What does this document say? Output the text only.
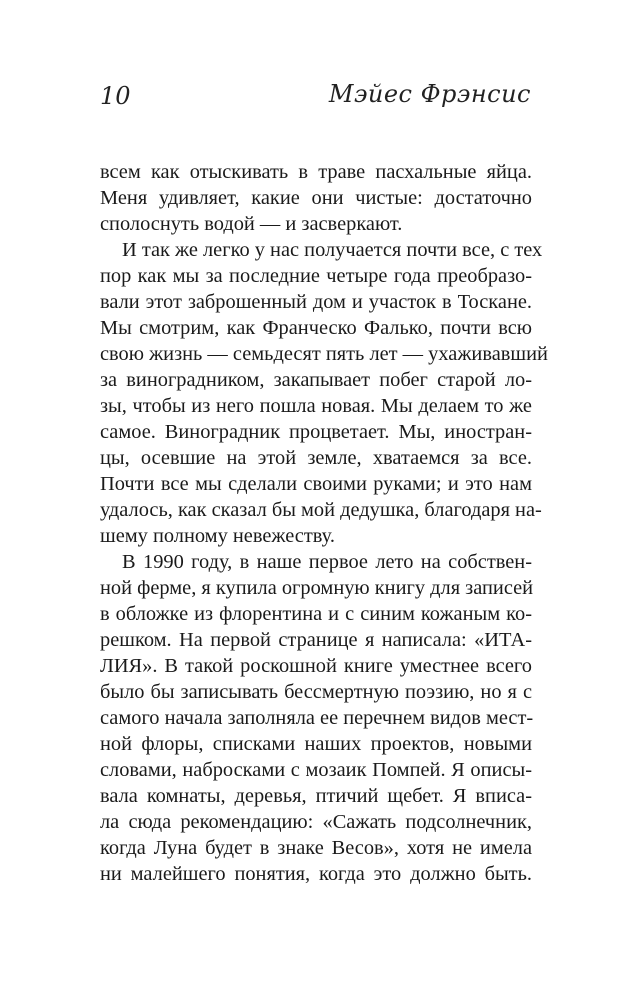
10	Мэйес Фрэнсис

всем как отыскивать в траве пасхальные яйца.
Меня удивляет, какие они чистые: достаточно
сполоснуть водой — и засверкают.

И так же легко у нас получается почти все, с тех
пор как мы за последние четыре года преобразо-
вали этот заброшенный дом и участок в Тоскане.
Мы смотрим, как Франческо Фалько, почти всю
свою жизнь — семьдесят пять лет — ухаживавший
за виноградником, закапывает побег старой ло-
зы, чтобы из него пошла новая. Мы делаем то же
самое. Виноградник процветает. Мы, иностран-
цы, осевшие на этой земле, хватаемся за все.
Почти все мы сделали своими руками; и это нам
удалось, как сказал бы мой дедушка, благодаря на-
шему полному невежеству.

В 1990 году, в наше первое лето на собствен-
ной ферме, я купила огромную книгу для записей
в обложке из флорентина и с синим кожаным ко-
решком. На первой странице я написала: «ИТА-
ЛИЯ». В такой роскошной книге уместнее всего
было бы записывать бессмертную поэзию, но я с
самого начала заполняла ее перечнем видов мест-
ной флоры, списками наших проектов, новыми
словами, набросками с мозаик Помпей. Я описы-
вала комнаты, деревья, птичий щебет. Я вписа-
ла сюда рекомендацию: «Сажать подсолнечник,
когда Луна будет в знаке Весов», хотя не имела
ни малейшего понятия, когда это должно быть.
